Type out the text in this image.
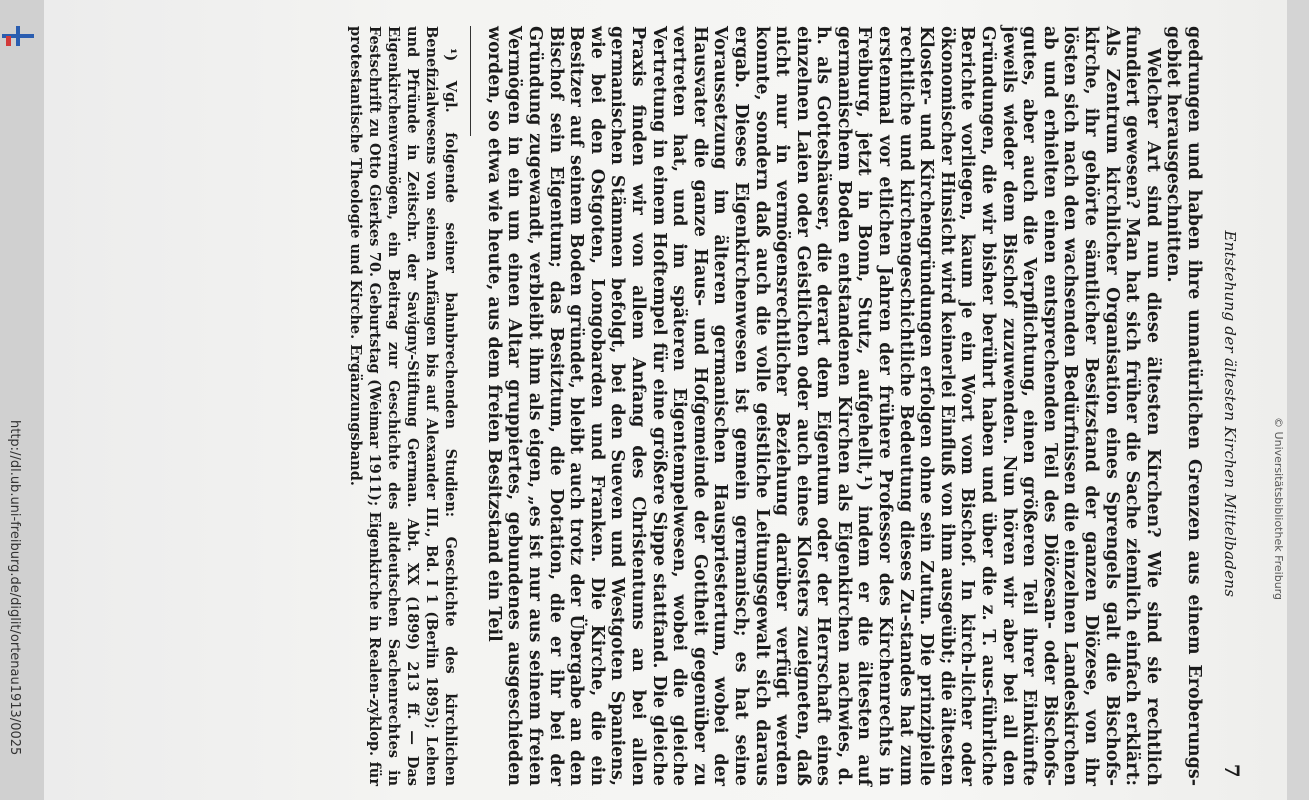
http://dl.ub.uni-freiburg.de/diglit/ortenau1913/0025	Entstehung der ältesten Kirchen Mittelbadens
7

gedrungen und haben ihre unnatürlichen Grenzen aus einem Eroberungs-gebiet herausgeschnitten.

Welcher Art sind nun diese ältesten Kirchen? Wie sind sie rechtlich fundiert gewesen? Man hat sich früher die Sache ziemlich einfach erklärt: Als Zentrum kirchlicher Organisation eines Sprengels galt die Bischofs-kirche, ihr gehörte sämtlicher Besitzstand der ganzen Diözese, von ihr lösten sich nach den wachsenden Bedürfnissen die einzelnen Landeskirchen ab und erhielten einen entsprechenden Teil des Diözesan- oder Bischofs-gutes, aber auch die Verpflichtung, einen größeren Teil ihrer Einkünfte jeweils wieder dem Bischof zuzuwenden. Nun hören wir aber bei all den Gründungen, die wir bisher berührt haben und über die z. T. aus-führliche Berichte vorliegen, kaum je ein Wort vom Bischof. In kirch-licher oder ökonomischer Hinsicht wird keinerlei Einfluß von ihm ausgeübt; die ältesten Kloster- und Kirchengründungen erfolgen ohne sein Zutun. Die prinzipielle rechtliche und kirchengeschichtliche Bedeutung dieses Zu-standes hat zum erstenmal vor etlichen Jahren der frühere Professor des Kirchenrechts in Freiburg, jetzt in Bonn, Stutz, aufgehellt,¹) indem er die ältesten auf germanischem Boden entstandenen Kirchen als Eigenkirchen nachwies, d. h. als Gotteshäuser, die derart dem Eigentum oder der Herrschaft eines einzelnen Laien oder Geistlichen oder auch eines Klosters zueigneten, daß nicht nur in vermögensrechtlicher Beziehung darüber verfügt werden konnte, sondern daß auch die volle geistliche Leitungsgewalt sich daraus ergab. Dieses Eigenkirchenwesen ist gemein germanisch; es hat seine Voraussetzung im älteren germanischen Hauspriestertum, wobei der Hausvater die ganze Haus- und Hofgemeinde der Gottheit gegenüber zu vertreten hat, und im späteren Eigentempelwesen, wobei die gleiche Vertretung in einem Hoftempel für eine größere Sippe stattfand. Die gleiche Praxis finden wir von allem Anfang des Christentums an bei allen germanischen Stämmen befolgt, bei den Sueven und Westgoten Spaniens, wie bei den Ostgoten, Longobarden und Franken. Die Kirche, die ein Besitzer auf seinem Boden gründet, bleibt auch trotz der Übergabe an den Bischof sein Eigentum; das Besitztum, die Dotation, die er ihr bei der Gründung zugewandt, verbleibt ihm als eigen, „es ist nur aus seinem freien Vermögen in ein um einen Altar gruppiertes, gebundenes ausgeschieden worden, so etwa wie heute, aus dem freien Besitzstand ein Teil

¹) Vgl. folgende seiner bahnbrechenden Studien: Geschichte des kirchlichen Benefizialwesens von seinen Anfängen bis auf Alexander III., Bd. I 1 (Berlin 1895); Lehen und Pfründe in Zeitschr. der Savigny-Stiftung German. Abt. XX (1899) 213 ff. — Das Eigenkirchenvermögen, ein Beitrag zur Geschichte des altdeutschen Sachenrechtes in Festschrift zu Otto Gierkes 70. Geburtstag (Weimar 1911); Eigenkirche in Realen-zyklop. für protestantische Theologie und Kirche. Ergänzungsband.

© Universitätsbibliothek Freiburg
